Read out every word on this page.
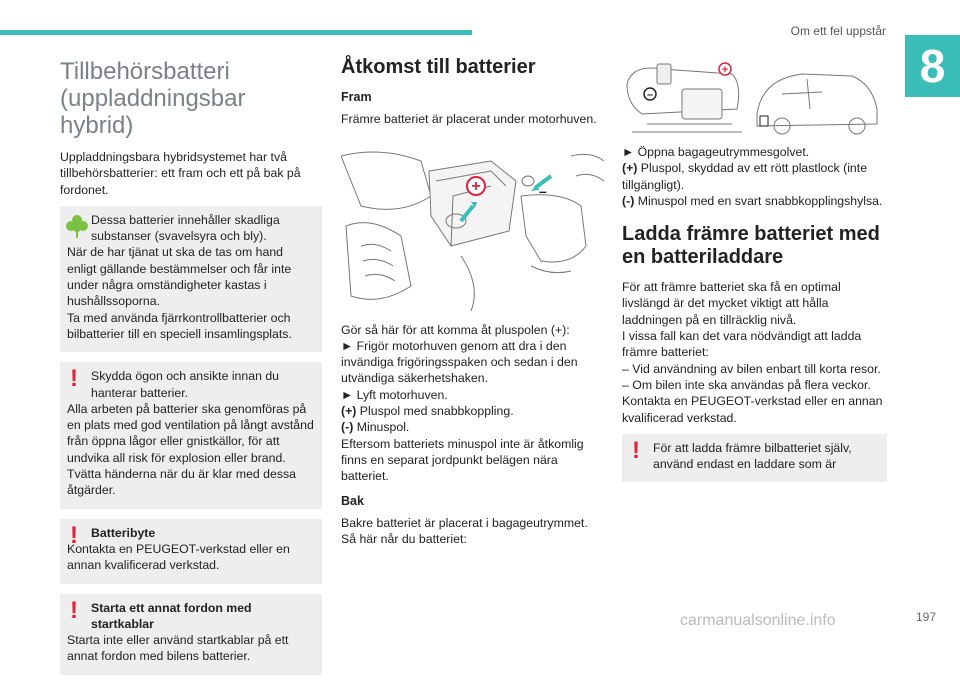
Om ett fel uppstår
8
Tillbehörsbatteri (uppladdningsbar hybrid)

Uppladdningsbara hybridsystemet har två tillbehörsbatterier: ett fram och ett på bak på fordonet.

Dessa batterier innehåller skadliga substanser (svavelsyra och bly).

När de har tjänat ut ska de tas om hand enligt gällande bestämmelser och får inte under några omständigheter kastas i hushållssoporna.

Ta med använda fjärrkontrollbatterier och bilbatterier till en speciell insamlingsplats.

!	Skydda ögon och ansikte innan du hanterar batterier.

Alla arbeten på batterier ska genomföras på en plats med god ventilation på långt avstånd från öppna lågor eller gnistkällor, för att undvika all risk för explosion eller brand. Tvätta händerna när du är klar med dessa åtgärder.

!	Batteribyte

Kontakta en PEUGEOT-verkstad eller en annan kvalificerad verkstad.

!	Starta ett annat fordon med startkablar

Starta inte eller använd startkablar på ett annat fordon med bilens batterier.

Åtkomst till batterier
Fram

Främre batteriet är placerat under motorhuven.

+	–

Gör så här för att komma åt pluspolen (+):

► Frigör motorhuven genom att dra i den invändiga frigöringsspaken och sedan i den utvändiga säkerhetshaken.

► Lyft motorhuven.

(+) Pluspol med snabbkoppling.

(-) Minuspol.

Eftersom batteriets minuspol inte är åtkomlig finns en separat jordpunkt belägen nära batteriet.

Bak

Bakre batteriet är placerat i bagageutrymmet. Så här når du batteriet:

–
+

► Öppna bagageutrymmesgolvet.

(+) Pluspol, skyddad av ett rött plastlock (inte tillgängligt).

(-) Minuspol med en svart snabbkopplingshylsa.

Ladda främre batteriet med en batteriladdare

För att främre batteriet ska få en optimal livslängd är det mycket viktigt att hålla laddningen på en tillräcklig nivå.

I vissa fall kan det vara nödvändigt att ladda främre batteriet:

– Vid användning av bilen enbart till korta resor.

– Om bilen inte ska användas på flera veckor.

Kontakta en PEUGEOT-verkstad eller en annan kvalificerad verkstad.

!	För att ladda främre bilbatteriet själv, använd endast en laddare som är

carmanualsonline.info	197
